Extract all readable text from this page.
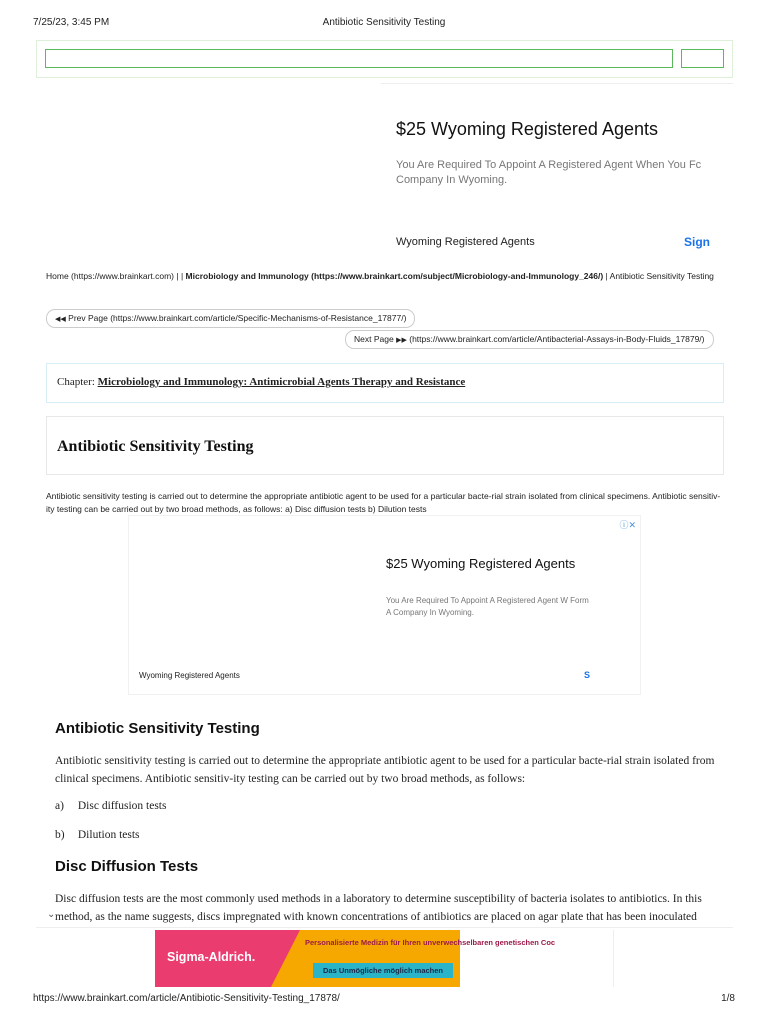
7/25/23, 3:45 PM	Antibiotic Sensitivity Testing
$25 Wyoming Registered Agents
You Are Required To Appoint A Registered Agent When You Fc Company In Wyoming.
Wyoming Registered Agents	Sign
Home (https://www.brainkart.com) | | Microbiology and Immunology (https://www.brainkart.com/subject/Microbiology-and-Immunology_246/) | Antibiotic Sensitivity Testing
◀◀ Prev Page (https://www.brainkart.com/article/Specific-Mechanisms-of-Resistance_17877/)
Next Page ▶▶ (https://www.brainkart.com/article/Antibacterial-Assays-in-Body-Fluids_17879/)
Chapter: Microbiology and Immunology: Antimicrobial Agents Therapy and Resistance
Antibiotic Sensitivity Testing
Antibiotic sensitivity testing is carried out to determine the appropriate antibiotic agent to be used for a particular bacte-rial strain isolated from clinical specimens. Antibiotic sensitiv-ity testing can be carried out by two broad methods, as follows: a) Disc diffusion tests b) Dilution tests
ⓘ✕
$25 Wyoming Registered Agents
You Are Required To Appoint A Registered Agent W Form A Company In Wyoming.
Wyoming Registered Agents	S
Antibiotic Sensitivity Testing
Antibiotic sensitivity testing is carried out to determine the appropriate antibiotic agent to be used for a particular bacte-rial strain isolated from clinical specimens. Antibiotic sensitiv-ity testing can be carried out by two broad methods, as follows:
a) Disc diffusion tests
b) Dilution tests
Disc Diffusion Tests
Disc diffusion tests are the most commonly used methods in a laboratory to determine susceptibility of bacteria isolates to antibiotics. In this method, as the name suggests, discs impregnated with known concentrations of antibiotics are placed on agar plate that has been inoculated
⌄
Sigma-Aldrich.
Personalisierte Medizin für Ihren unverwechselbaren genetischen Coc
Das Unmögliche möglich machen
https://www.brainkart.com/article/Antibiotic-Sensitivity-Testing_17878/	1/8
